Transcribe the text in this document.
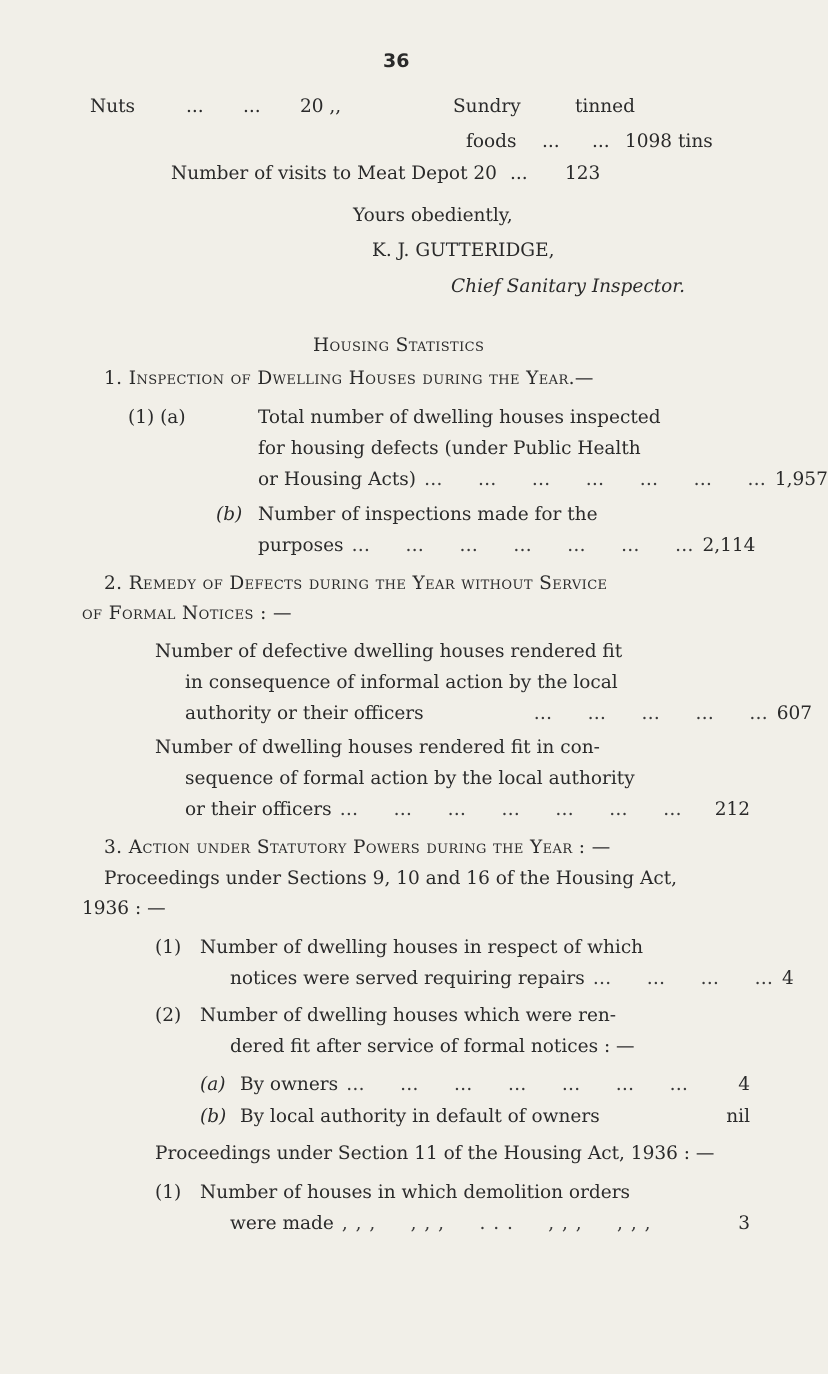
36
Nuts	... ... 20 ,,	Sundry	tinned
foods ... ... 1098 tins
Number of visits to Meat Depot 20 ... 123
Yours obediently,
K. J. GUTTERIDGE,
Chief Sanitary Inspector.
Housing Statistics
1. Inspection of Dwelling Houses during the Year.—
(1) (a)	Total number of dwelling houses inspected
for housing defects (under Public Health
or Housing Acts) …     …     …     …     …     …     … 1,957
(b) Number of inspections made for the
purposes …     …     …     …     …     …     … 2,114
2. Remedy of Defects during the Year without Service
of Formal Notices : —
Number of defective dwelling houses rendered fit
in consequence of informal action by the local
authority or their officers	…     …     …     …     … 607
Number of dwelling houses rendered fit in con-
sequence of formal action by the local authority
or their officers …     …     …     …     …     …     …	212
3. Action under Statutory Powers during the Year : —
Proceedings under Sections 9, 10 and 16 of the Housing Act,
1936 : —
(1) Number of dwelling houses in respect of which
notices were served requiring repairs …     …     …     … 4
(2) Number of dwelling houses which were ren-
dered fit after service of formal notices : —
(a) By owners …     …     …     …     …     …     …	4
(b) By local authority in default of owners	nil
Proceedings under Section 11 of the Housing Act, 1936 : —
(1) Number of houses in which demolition orders
were made , , ,     , , ,     . . .     , , ,     , , ,	3
